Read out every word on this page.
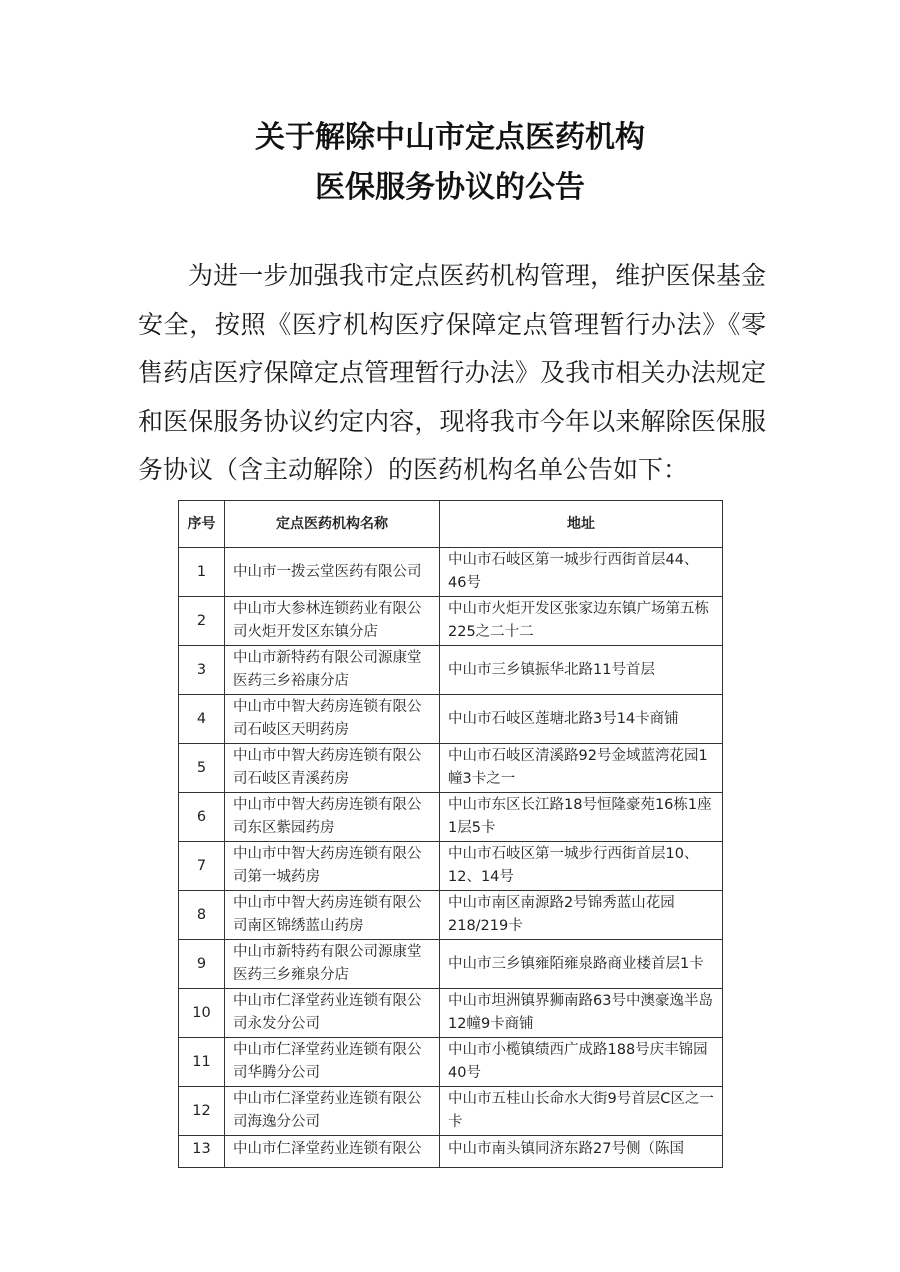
关于解除中山市定点医药机构
医保服务协议的公告
为进一步加强我市定点医药机构管理，维护医保基金安全，按照《医疗机构医疗保障定点管理暂行办法》《零售药店医疗保障定点管理暂行办法》及我市相关办法规定和医保服务协议约定内容，现将我市今年以来解除医保服务协议（含主动解除）的医药机构名单公告如下：
序号	定点医药机构名称	地址
1	中山市一拨云堂医药有限公司	中山市石岐区第一城步行西街首层44、46号
2	中山市大参林连锁药业有限公司火炬开发区东镇分店	中山市火炬开发区张家边东镇广场第五栋225之二十二
3	中山市新特药有限公司源康堂医药三乡裕康分店	中山市三乡镇振华北路11号首层
4	中山市中智大药房连锁有限公司石岐区天明药房	中山市石岐区莲塘北路3号14卡商铺
5	中山市中智大药房连锁有限公司石岐区青溪药房	中山市石岐区清溪路92号金域蓝湾花园1幢3卡之一
6	中山市中智大药房连锁有限公司东区紫园药房	中山市东区长江路18号恒隆豪苑16栋1座1层5卡
7	中山市中智大药房连锁有限公司第一城药房	中山市石岐区第一城步行西街首层10、12、14号
8	中山市中智大药房连锁有限公司南区锦绣蓝山药房	中山市南区南源路2号锦秀蓝山花园218/219卡
9	中山市新特药有限公司源康堂医药三乡雍泉分店	中山市三乡镇雍陌雍泉路商业楼首层1卡
10	中山市仁泽堂药业连锁有限公司永发分公司	中山市坦洲镇界狮南路63号中澳豪逸半岛12幢9卡商铺
11	中山市仁泽堂药业连锁有限公司华腾分公司	中山市小榄镇绩西广成路188号庆丰锦园40号
12	中山市仁泽堂药业连锁有限公司海逸分公司	中山市五桂山长命水大街9号首层C区之一卡
13	中山市仁泽堂药业连锁有限公	中山市南头镇同济东路27号侧（陈国
